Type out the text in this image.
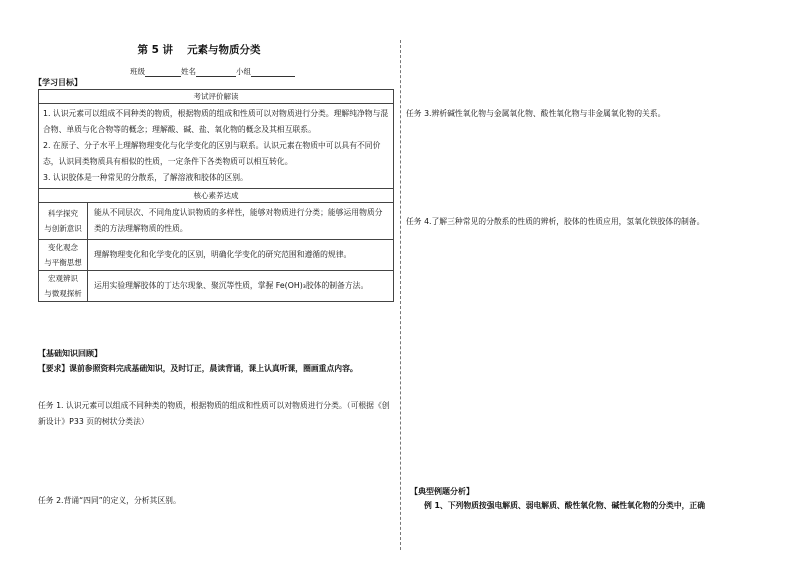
第 5 讲 元素与物质分类
班级	姓名	小组
【学习目标】
考试评价解读	

1. 认识元素可以组成不同种类的物质，根据物质的组成和性质可以对物质进行分类。理解纯净物与混合物、单质与化合物等的概念；理解酸、碱、盐、氧化物的概念及其相互联系。

2. 在原子、分子水平上理解物理变化与化学变化的区别与联系。认识元素在物质中可以具有不同价态，认识同类物质具有相似的性质，一定条件下各类物质可以相互转化。

3. 认识胶体是一种常见的分散系，了解溶液和胶体的区别。	

核心素养达成	

科学探究
与创新意识	能从不同层次、不同角度认识物质的多样性，能够对物质进行分类；能够运用物质分类的方法理解物质的性质。

变化观念
与平衡思想	理解物理变化和化学变化的区别，明确化学变化的研究范围和遵循的规律。

宏观辨识
与微观探析	运用实验理解胶体的丁达尔现象、聚沉等性质，掌握 Fe(OH)₃胶体的制备方法。
【基础知识回顾】
【要求】课前参照资料完成基础知识，及时订正，晨读背诵，课上认真听课，圈画重点内容。
任务 1. 认识元素可以组成不同种类的物质，根据物质的组成和性质可以对物质进行分类。（可根据《创新设计》P33 页的树状分类法）
任务 2.背诵“四同”的定义，分析其区别。
任务 3.辨析碱性氧化物与金属氧化物、酸性氧化物与非金属氧化物的关系。
任务 4.了解三种常见的分散系的性质的辨析，胶体的性质应用，氢氧化铁胶体的制备。
【典型例题分析】
例 1、下列物质按强电解质、弱电解质、酸性氧化物、碱性氧化物的分类中，正确
